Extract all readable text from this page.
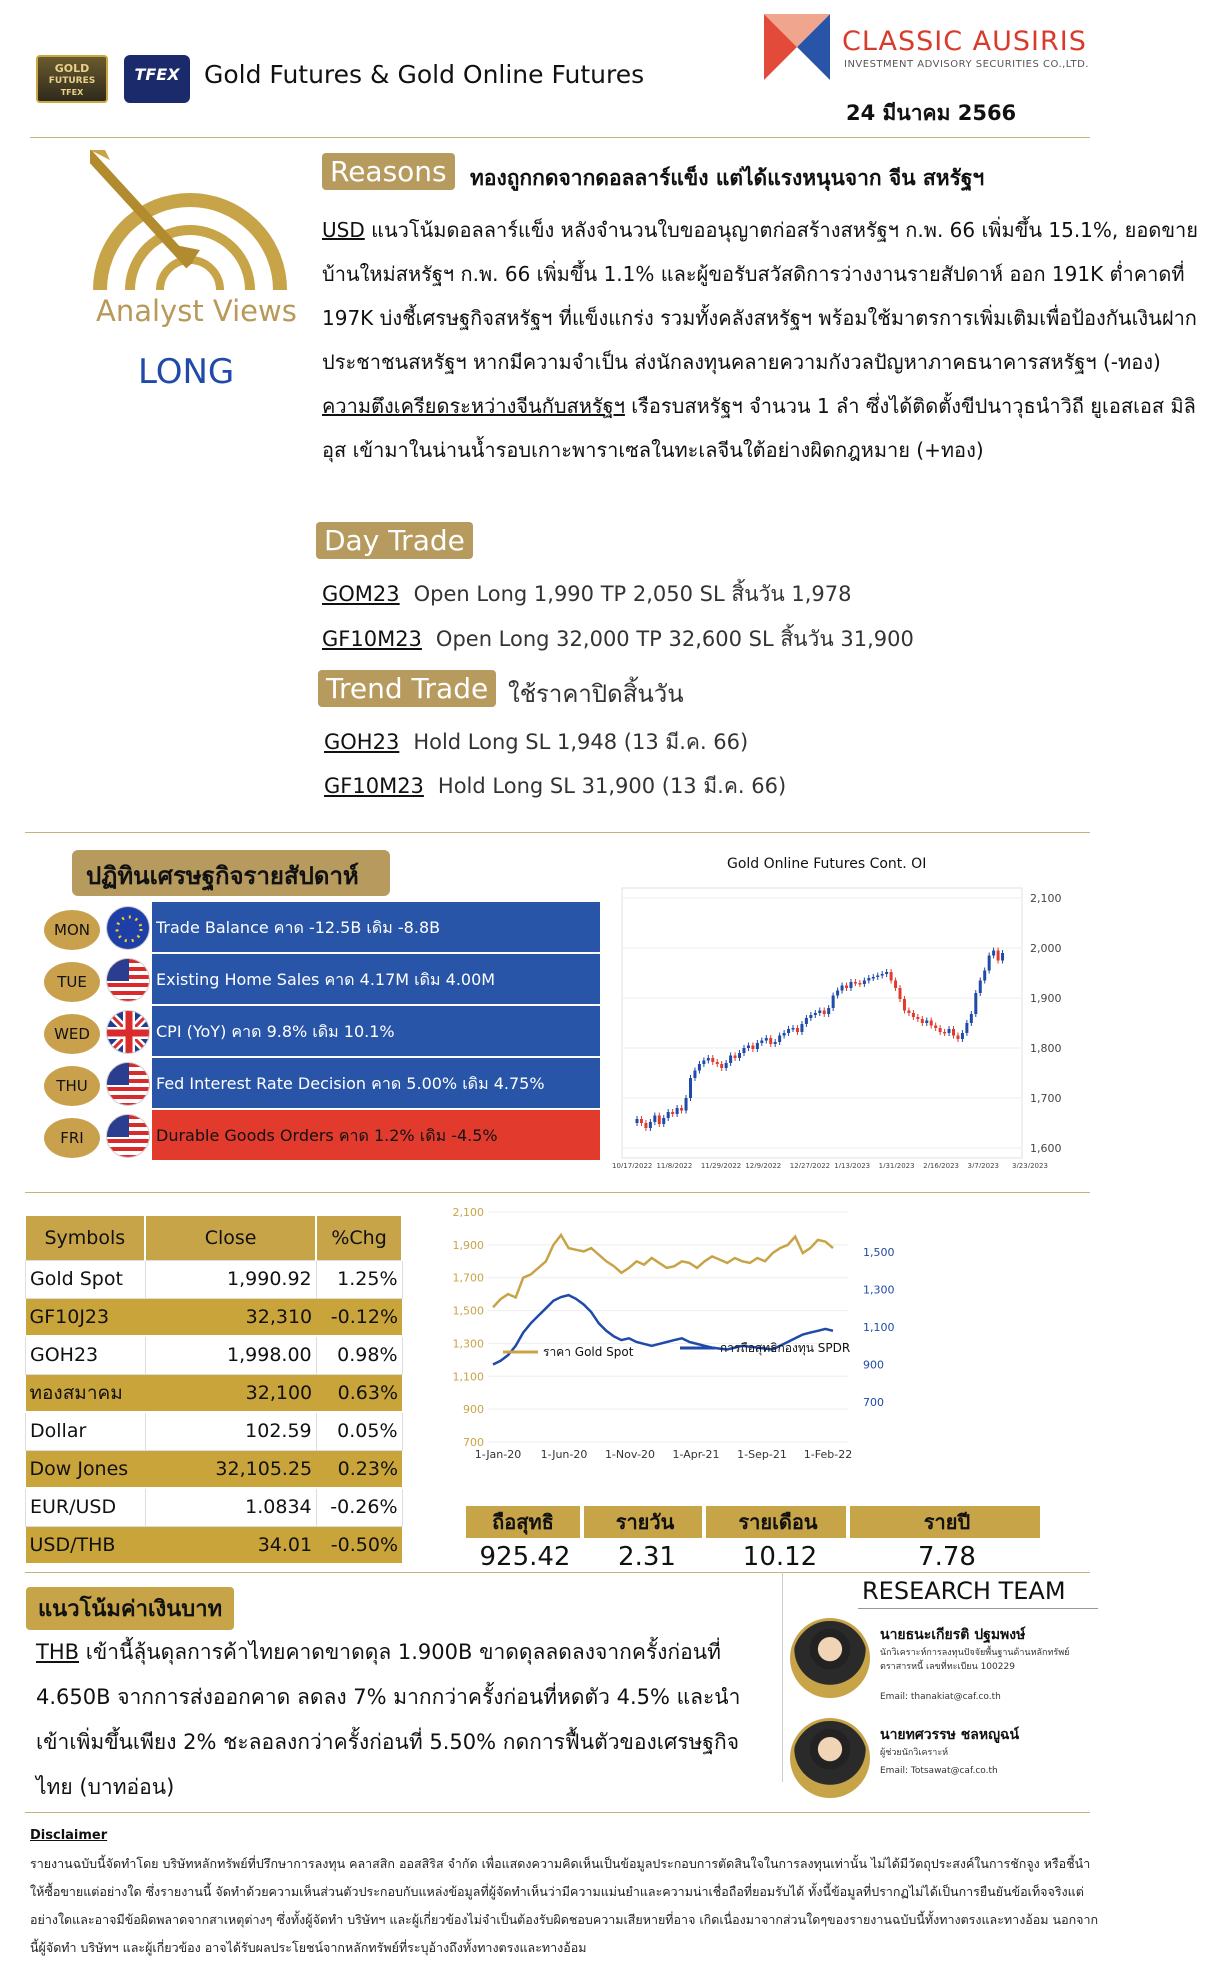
GOLD
FUTURES
TFEX
TFEX Gold Futures & Gold Online Futures
CLASSIC AUSIRIS
INVESTMENT ADVISORY SECURITIES CO.,LTD.
24 มีนาคม 2566
Analyst Views
LONG
Reasons	ทองถูกกดจากดอลลาร์แข็ง แต่ได้แรงหนุนจาก จีน สหรัฐฯ
USD แนวโน้มดอลลาร์แข็ง หลังจำนวนใบขออนุญาตก่อสร้างสหรัฐฯ ก.พ. 66 เพิ่มขึ้น 15.1%, ยอดขายบ้านใหม่สหรัฐฯ ก.พ. 66 เพิ่มขึ้น 1.1% และผู้ขอรับสวัสดิการว่างงานรายสัปดาห์ ออก 191K ต่ำคาดที่ 197K บ่งชี้เศรษฐกิจสหรัฐฯ ที่แข็งแกร่ง รวมทั้งคลังสหรัฐฯ พร้อมใช้มาตรการเพิ่มเติมเพื่อป้องกันเงินฝากประชาชนสหรัฐฯ หากมีความจำเป็น ส่งนักลงทุนคลายความกังวลปัญหาภาคธนาคารสหรัฐฯ (-ทอง)
ความตึงเครียดระหว่างจีนกับสหรัฐฯ เรือรบสหรัฐฯ จำนวน 1 ลำ ซึ่งได้ติดตั้งขีปนาวุธนำวิถี ยูเอสเอส มิลิอุส เข้ามาในน่านน้ำรอบเกาะพาราเซลในทะเลจีนใต้อย่างผิดกฎหมาย (+ทอง)
Day Trade
GOM23 Open Long 1,990 TP 2,050 SL สิ้นวัน 1,978
GF10M23 Open Long 32,000 TP 32,600 SL สิ้นวัน 31,900
Trend Trade ใช้ราคาปิดสิ้นวัน
GOH23 Hold Long SL 1,948 (13 มี.ค. 66)
GF10M23 Hold Long SL 31,900 (13 มี.ค. 66)
ปฏิทินเศรษฐกิจรายสัปดาห์
MON	Trade Balance คาด -12.5B เดิม -8.8B
TUE	Existing Home Sales คาด 4.17M เดิม 4.00M
WED	CPI (YoY) คาด 9.8% เดิม 10.1%
THU	Fed Interest Rate Decision คาด 5.00% เดิม 4.75%
FRI	Durable Goods Orders คาด 1.2% เดิม -4.5%
Gold Online Futures Cont. OI
2,100
2,000
1,900
1,800
1,700
1,600
10/17/2022 11/8/2022 11/29/2022 12/9/2022 12/27/2022 1/13/2023 1/31/2023 2/16/2023 3/7/2023 3/23/2023
Symbols	Close	%Chg
Gold Spot	1,990.92	1.25%
GF10J23	32,310	-0.12%
GOH23	1,998.00	0.98%
ทองสมาคม	32,100	0.63%
Dollar	102.59	0.05%
Dow Jones	32,105.25	0.23%
EUR/USD	1.0834	-0.26%
USD/THB	34.01	-0.50%
2,100
1,900
1,700
1,500
1,300
1,100
900
700
1,500
1,300
1,100
900
700
1-Jan-20 1-Jun-20 1-Nov-20 1-Apr-21 1-Sep-21 1-Feb-22
ราคา Gold Spot	การถือสุทธิกองทุน SPDR
ถือสุทธิ	รายวัน	รายเดือน	รายปี
925.42	2.31	10.12	7.78
แนวโน้มค่าเงินบาท
THB เข้านี้ลุ้นดุลการค้าไทยคาดขาดดุล 1.900B ขาดดุลลดลงจากครั้งก่อนที่ 4.650B จากการส่งออกคาด ลดลง 7% มากกว่าครั้งก่อนที่หดตัว 4.5% และนำเข้าเพิ่มขึ้นเพียง 2% ชะลอลงกว่าครั้งก่อนที่ 5.50% กดการฟื้นตัวของเศรษฐกิจไทย (บาทอ่อน)
RESEARCH TEAM
นายธนะเกียรติ ปฐมพงษ์
นักวิเคราะห์การลงทุนปัจจัยพื้นฐานด้านหลักทรัพย์ตราสารหนี้ เลขที่ทะเบียน 100229
Email: thanakiat@caf.co.th
นายทศวรรษ ชลหญูฉน์
ผู้ช่วยนักวิเคราะห์
Email: Totsawat@caf.co.th
Disclaimer
รายงานฉบับนี้จัดทำโดย บริษัทหลักทรัพย์ที่ปรึกษาการลงทุน คลาสสิก ออสสิริส จำกัด เพื่อแสดงความคิดเห็นเป็นข้อมูลประกอบการตัดสินใจในการลงทุนเท่านั้น ไม่ได้มีวัตถุประสงค์ในการชักจูง หรือชี้นำให้ซื้อขายแต่อย่างใด ซึ่งรายงานนี้ จัดทำด้วยความเห็นส่วนตัวประกอบกับแหล่งข้อมูลที่ผู้จัดทำเห็นว่ามีความแม่นยำและความน่าเชื่อถือที่ยอมรับได้ ทั้งนี้ข้อมูลที่ปรากฏไม่ได้เป็นการยืนยันข้อเท็จจริงแต่อย่างใดและอาจมีข้อผิดพลาดจากสาเหตุต่างๆ ซึ่งทั้งผู้จัดทำ บริษัทฯ และผู้เกี่ยวข้องไม่จำเป็นต้องรับผิดชอบความเสียหายที่อาจ เกิดเนื่องมาจากส่วนใดๆของรายงานฉบับนี้ทั้งทางตรงและทางอ้อม นอกจากนี้ผู้จัดทำ บริษัทฯ และผู้เกี่ยวข้อง อาจได้รับผลประโยชน์จากหลักทรัพย์ที่ระบุอ้างถึงทั้งทางตรงและทางอ้อม
